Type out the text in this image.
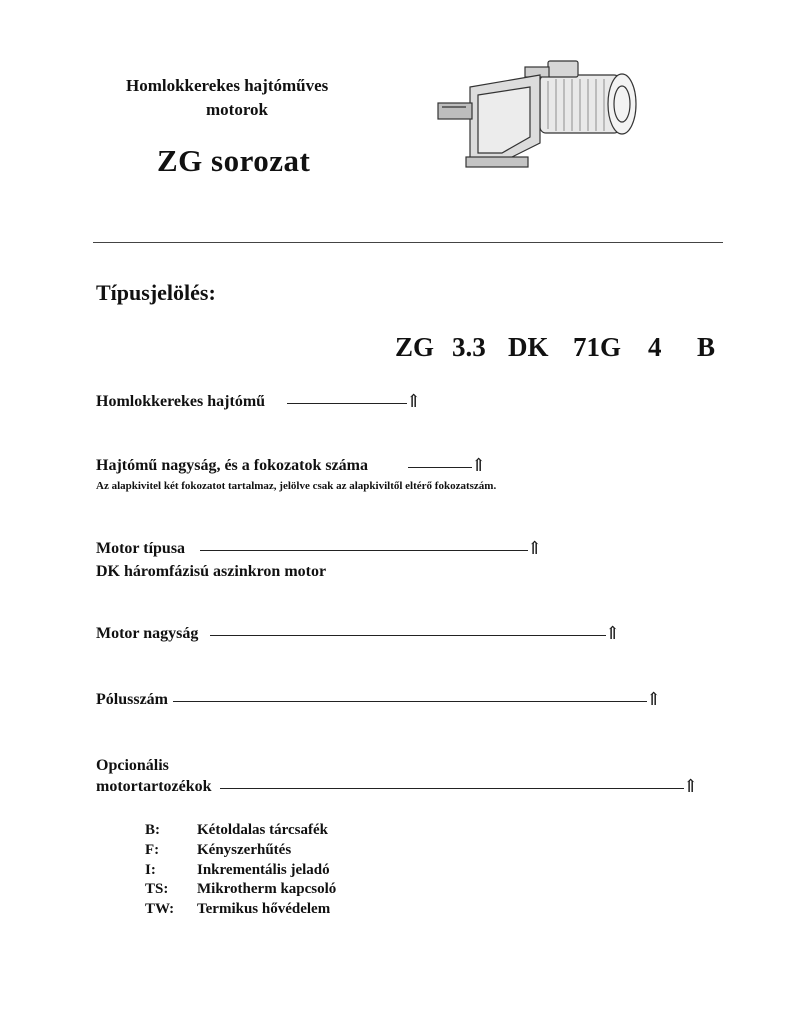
Homlokkerekes hajtóműves
motorok
ZG sorozat
Típusjelölés:
ZG 3.3 DK 71G 4 B
Homlokkerekes hajtómű	⇑
Hajtómű nagyság, és a fokozatok száma	⇑
Az alapkivitel két fokozatot tartalmaz, jelölve csak az alapkiviltől eltérő fokozatszám.
Motor típusa	⇑
DK háromfázisú aszinkron motor
Motor nagyság	⇑
Pólusszám	⇑
Opcionális
motortartozékok	⇑
B: Kétoldalas tárcsafék
F:	Kényszerhűtés
I:	Inkrementális jeladó
TS: Mikrotherm kapcsoló
TW: Termikus hővédelem
